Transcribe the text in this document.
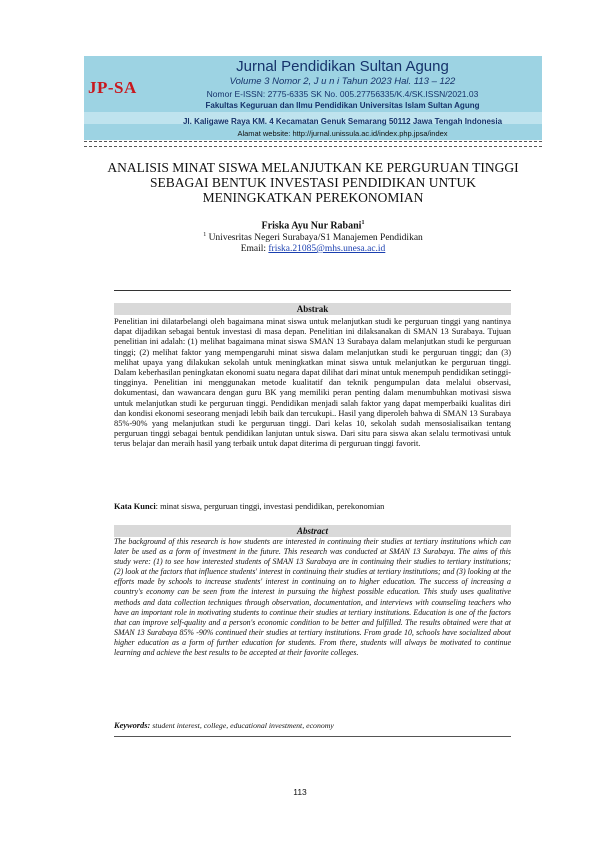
JP-SA
Jurnal Pendidikan Sultan Agung
Volume 3 Nomor 2, J u n i Tahun 2023 Hal. 113 – 122
Nomor E-ISSN: 2775-6335 SK No. 005.27756335/K.4/SK.ISSN/2021.03
Fakultas Keguruan dan Ilmu Pendidikan Universitas Islam Sultan Agung
Jl. Kaligawe Raya KM. 4 Kecamatan Genuk Semarang 50112 Jawa Tengah Indonesia
Alamat website: http://jurnal.unissula.ac.id/index.php.jpsa/index
ANALISIS MINAT SISWA MELANJUTKAN KE PERGURUAN TINGGI
SEBAGAI BENTUK INVESTASI PENDIDIKAN UNTUK
MENINGKATKAN PEREKONOMIAN
Friska Ayu Nur Rabani$^1$
$^1$ Univesritas Negeri Surabaya/S1 Manajemen Pendidikan
Email: friska.21085@mhs.unesa.ac.id
Abstrak

Penelitian ini dilatarbelangi oleh bagaimana minat siswa untuk melanjutkan studi ke perguruan tinggi yang nantinya dapat dijadikan sebagai bentuk investasi di masa depan. Penelitian ini dilaksanakan di SMAN 13 Surabaya. Tujuan penelitian ini adalah: (1) melihat bagaimana minat siswa SMAN 13 Surabaya dalam melanjutkan studi ke perguruan tinggi; (2) melihat faktor yang mempengaruhi minat siswa dalam melanjutkan studi ke perguruan tinggi; dan (3) melihat upaya yang dilakukan sekolah untuk meningkatkan minat siswa untuk melanjutkan ke perguruan tinggi. Dalam keberhasilan peningkatan ekonomi suatu negara dapat dilihat dari minat untuk menempuh pendidikan setinggi-tingginya. Penelitian ini menggunakan metode kualitatif dan teknik pengumpulan data melalui observasi, dokumentasi, dan wawancara dengan guru BK yang memiliki peran penting dalam menumbuhkan motivasi siswa untuk melanjutkan studi ke perguruan tinggi. Pendidikan menjadi salah faktor yang dapat memperbaiki kualitas diri dan kondisi ekonomi seseorang menjadi lebih baik dan tercukupi.. Hasil yang diperoleh bahwa di SMAN 13 Surabaya 85%-90% yang melanjutkan studi ke perguruan tinggi. Dari kelas 10, sekolah sudah mensosialisaikan tentang perguruan tinggi sebagai bentuk pendidikan lanjutan untuk siswa. Dari situ para siswa akan selalu termotivasi untuk terus belajar dan meraih hasil yang terbaik untuk dapat diterima di perguruan tinggi favorit.

Kata Kunci: minat siswa, perguruan tinggi, investasi pendidikan, perekonomian
Abstract

The background of this research is how students are interested in continuing their studies at tertiary institutions which can later be used as a form of investment in the future. This research was conducted at SMAN 13 Surabaya. The aims of this study were: (1) to see how interested students of SMAN 13 Surabaya are in continuing their studies to tertiary institutions; (2) look at the factors that influence students' interest in continuing their studies at tertiary institutions; and (3) looking at the efforts made by schools to increase students' interest in continuing on to higher education. The success of increasing a country's economy can be seen from the interest in pursuing the highest possible education. This study uses qualitative methods and data collection techniques through observation, documentation, and interviews with counseling teachers who have an important role in motivating students to continue their studies at tertiary institutions. Education is one of the factors that can improve self-quality and a person's economic condition to be better and fulfilled. The results obtained were that at SMAN 13 Surabaya 85% -90% continued their studies at tertiary institutions. From grade 10, schools have socialized about higher education as a form of further education for students. From there, students will always be motivated to continue learning and achieve the best results to be accepted at their favorite colleges.

Keywords: student interest, college, educational investment, economy
113
